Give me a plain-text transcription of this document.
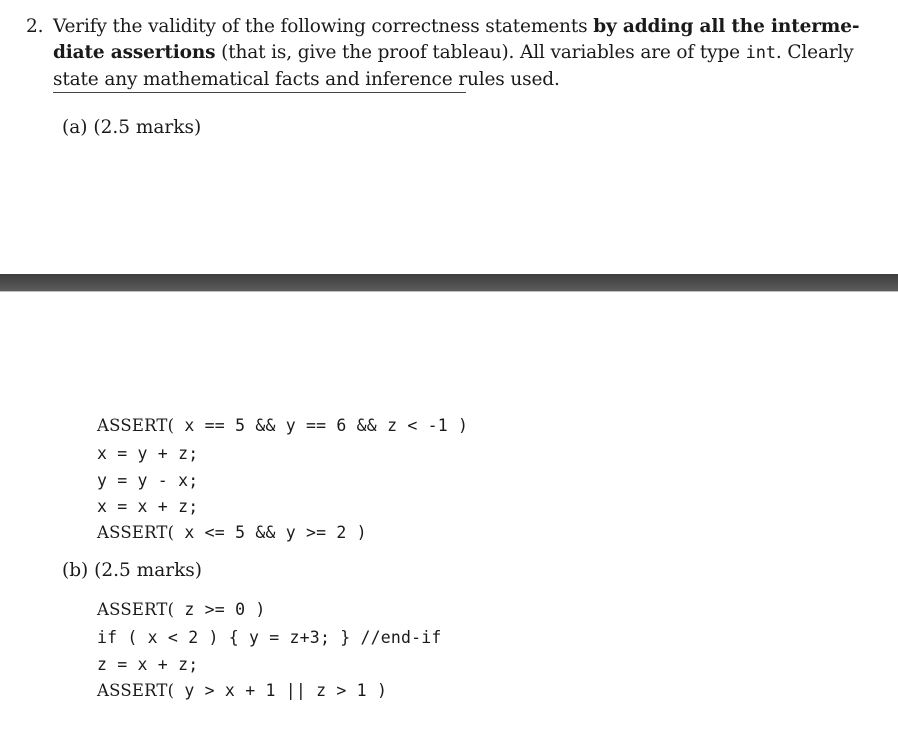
2. Verify the validity of the following correctness statements by adding all the interme-
diate assertions (that is, give the proof tableau). All variables are of type int. Clearly
state any mathematical facts and inference rules used.
(a) (2.5 marks)
ASSERT( x == 5 && y == 6 && z < -1 )
x = y + z;
y = y - x;
x = x + z;
ASSERT( x <= 5 && y >= 2 )
(b) (2.5 marks)
ASSERT( z >= 0 )
if ( x < 2 ) { y = z+3; } //end-if
z = x + z;
ASSERT( y > x + 1 || z > 1 )
